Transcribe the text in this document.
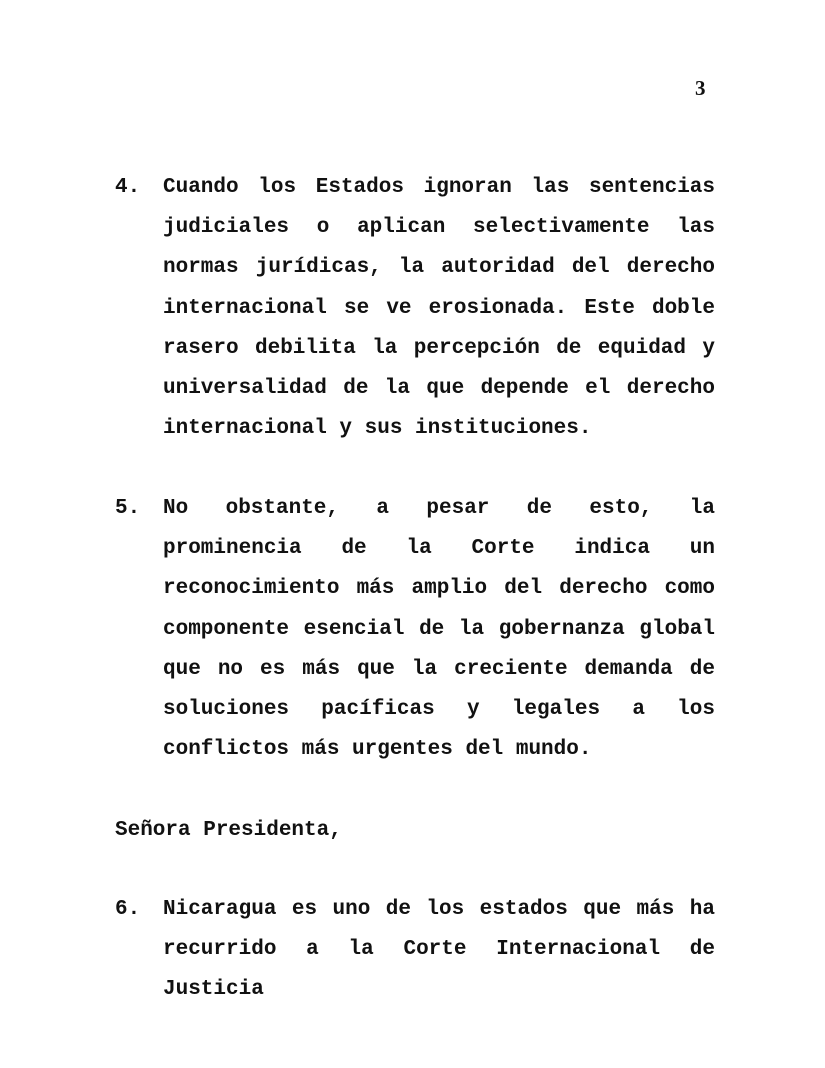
3
4. Cuando los Estados ignoran las sentencias judiciales o aplican selectivamente las normas jurídicas, la autoridad del derecho internacional se ve erosionada. Este doble rasero debilita la percepción de equidad y universalidad de la que depende el derecho internacional y sus instituciones.
5. No obstante, a pesar de esto, la prominencia de la Corte indica un reconocimiento más amplio del derecho como componente esencial de la gobernanza global que no es más que la creciente demanda de soluciones pacíficas y legales a los conflictos más urgentes del mundo.
Señora Presidenta,
6. Nicaragua es uno de los estados que más ha recurrido a la Corte Internacional de Justicia
